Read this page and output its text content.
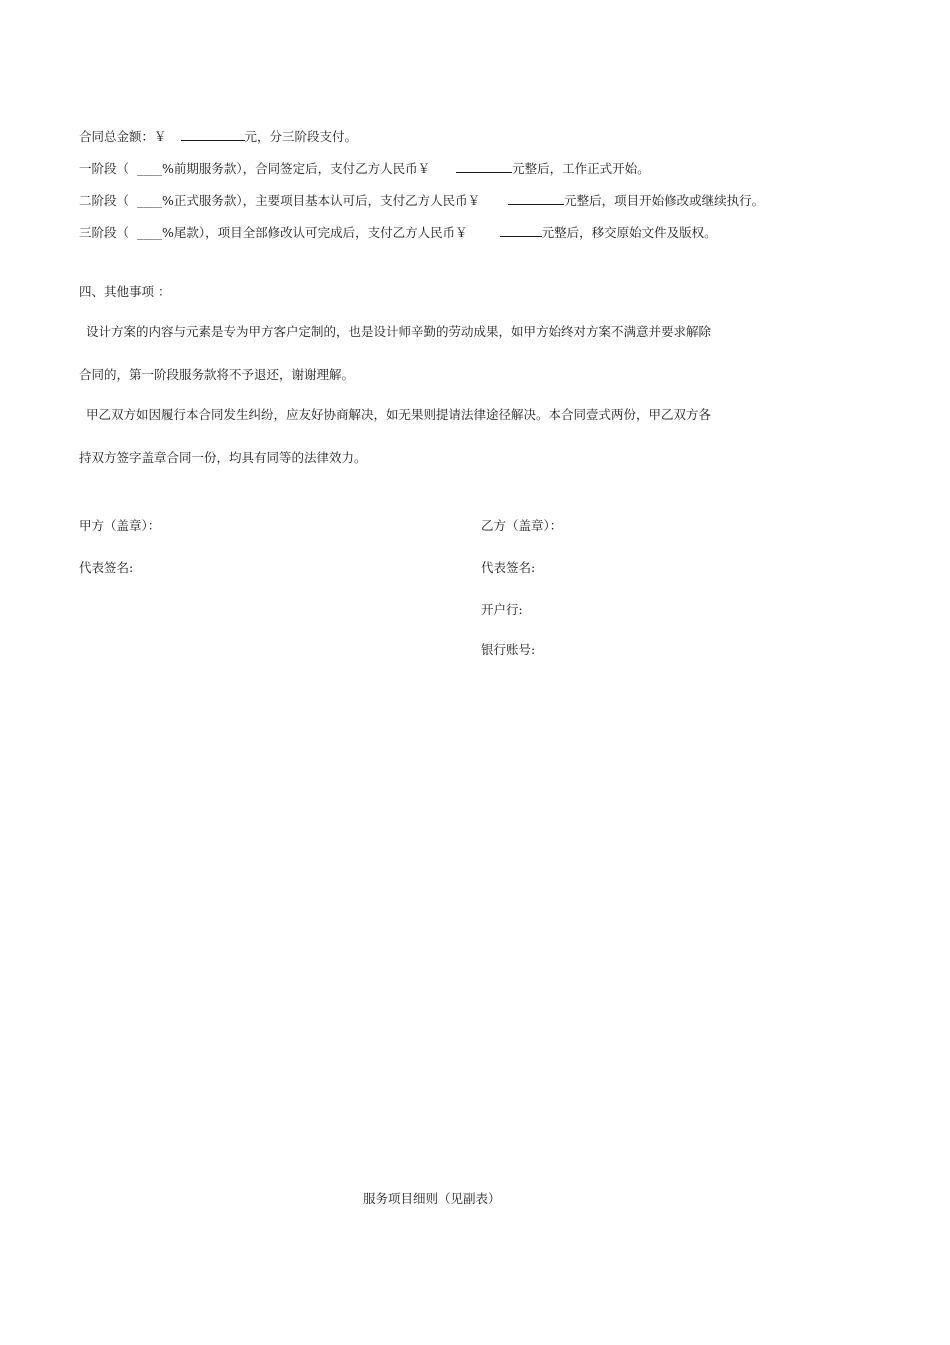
合同总金额：￥	元，分三阶段支付。
一阶段（ ____%前期服务款），合同签定后，支付乙方人民币￥	元整后，工作正式开始。
二阶段（ ____%正式服务款），主要项目基本认可后，支付乙方人民币￥	元整后，项目开始修改或继续执行。
三阶段（ ____%尾款），项目全部修改认可完成后，支付乙方人民币￥	元整后，移交原始文件及版权。
四、其他事项 ：
设计方案的内容与元素是专为甲方客户定制的，也是设计师辛勤的劳动成果，如甲方始终对方案不满意并要求解除
合同的，第一阶段服务款将不予退还，谢谢理解。
甲乙双方如因履行本合同发生纠纷，应友好协商解决，如无果则提请法律途径解决。本合同壹式两份，甲乙双方各
持双方签字盖章合同一份，均具有同等的法律效力。
甲方（盖章）：
代表签名:
乙方（盖章）：
代表签名:
开户行:
银行账号:
服务项目细则（见副表）
